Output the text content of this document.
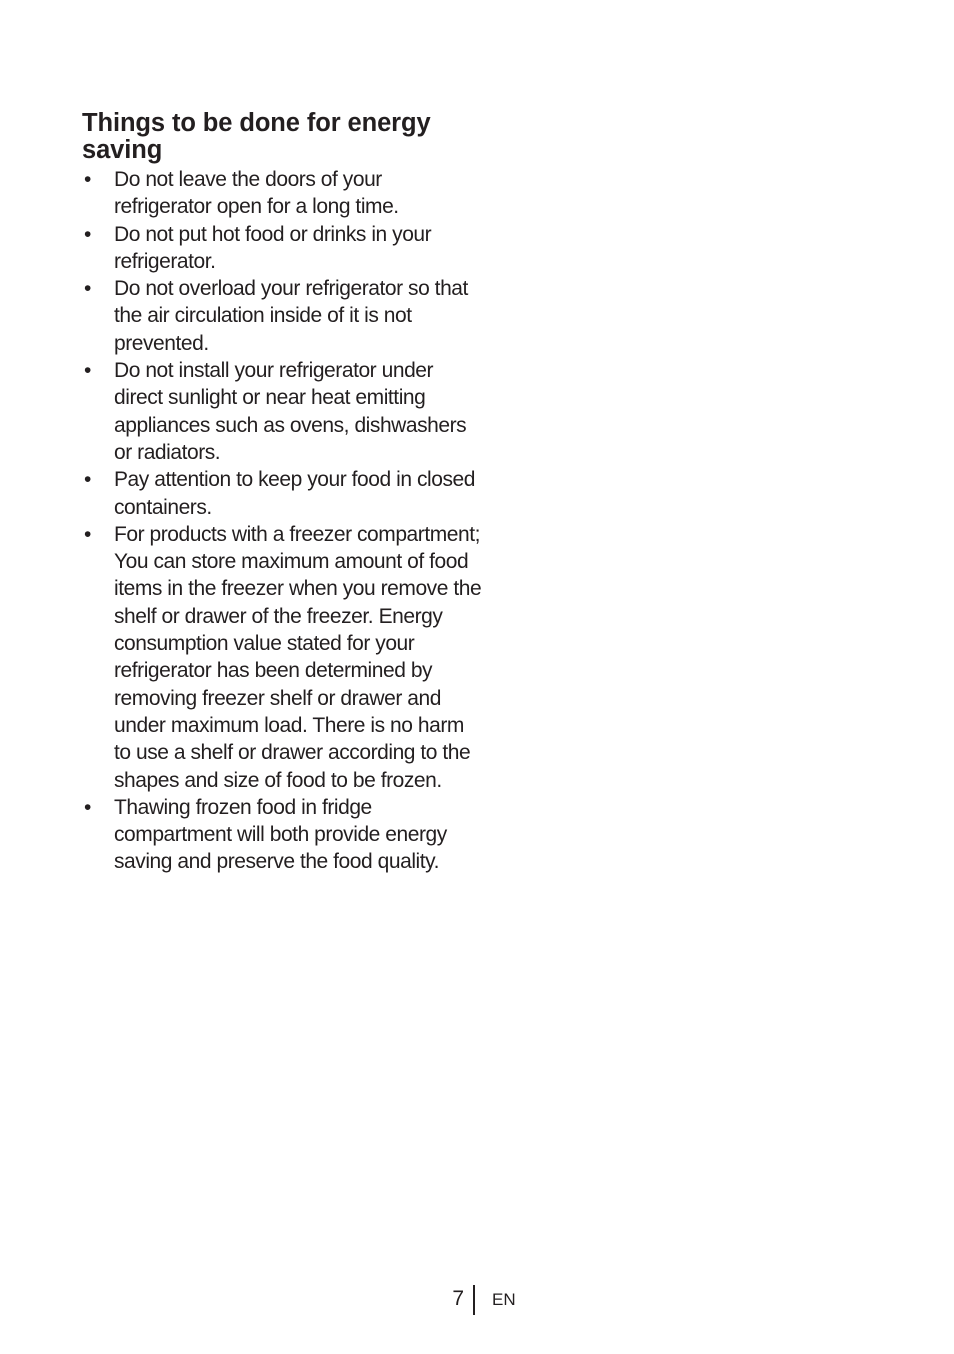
Things to be done for energy saving
• Do not leave the doors of your refrigerator open for a long time.
• Do not put hot food or drinks in your refrigerator.
• Do not overload your refrigerator so that the air circulation inside of it is not prevented.
• Do not install your refrigerator under direct sunlight or near heat emitting appliances such as ovens, dishwashers or radiators.
• Pay attention to keep your food in closed containers.
• For products with a freezer compartment; You can store maximum amount of food items in the freezer when you remove the shelf or drawer of the freezer. Energy consumption value stated for your refrigerator has been determined by removing freezer shelf or drawer and under maximum load. There is no harm to use a shelf or drawer according to the shapes and size of food to be frozen.
• Thawing frozen food in fridge compartment will both provide energy saving and preserve the food quality.
7 EN
